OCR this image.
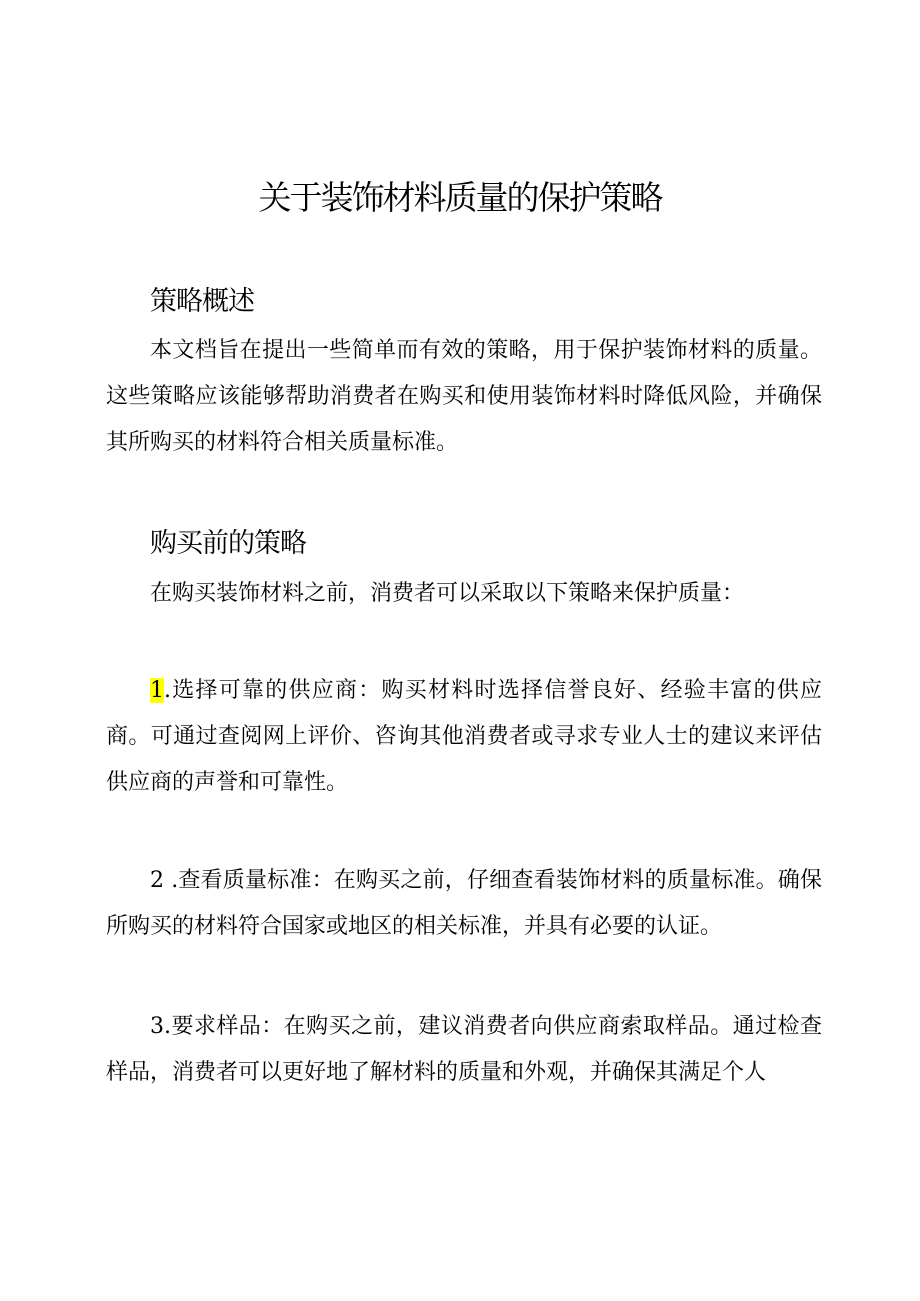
关于装饰材料质量的保护策略
策略概述
本文档旨在提出一些简单而有效的策略，用于保护装饰材料的质量。这些策略应该能够帮助消费者在购买和使用装饰材料时降低风险，并确保其所购买的材料符合相关质量标准。
购买前的策略
在购买装饰材料之前，消费者可以采取以下策略来保护质量：
1.选择可靠的供应商：购买材料时选择信誉良好、经验丰富的供应商。可通过查阅网上评价、咨询其他消费者或寻求专业人士的建议来评估供应商的声誉和可靠性。
2 .查看质量标准：在购买之前，仔细查看装饰材料的质量标准。确保所购买的材料符合国家或地区的相关标准，并具有必要的认证。
3.要求样品：在购买之前，建议消费者向供应商索取样品。通过检查样品，消费者可以更好地了解材料的质量和外观，并确保其满足个人
